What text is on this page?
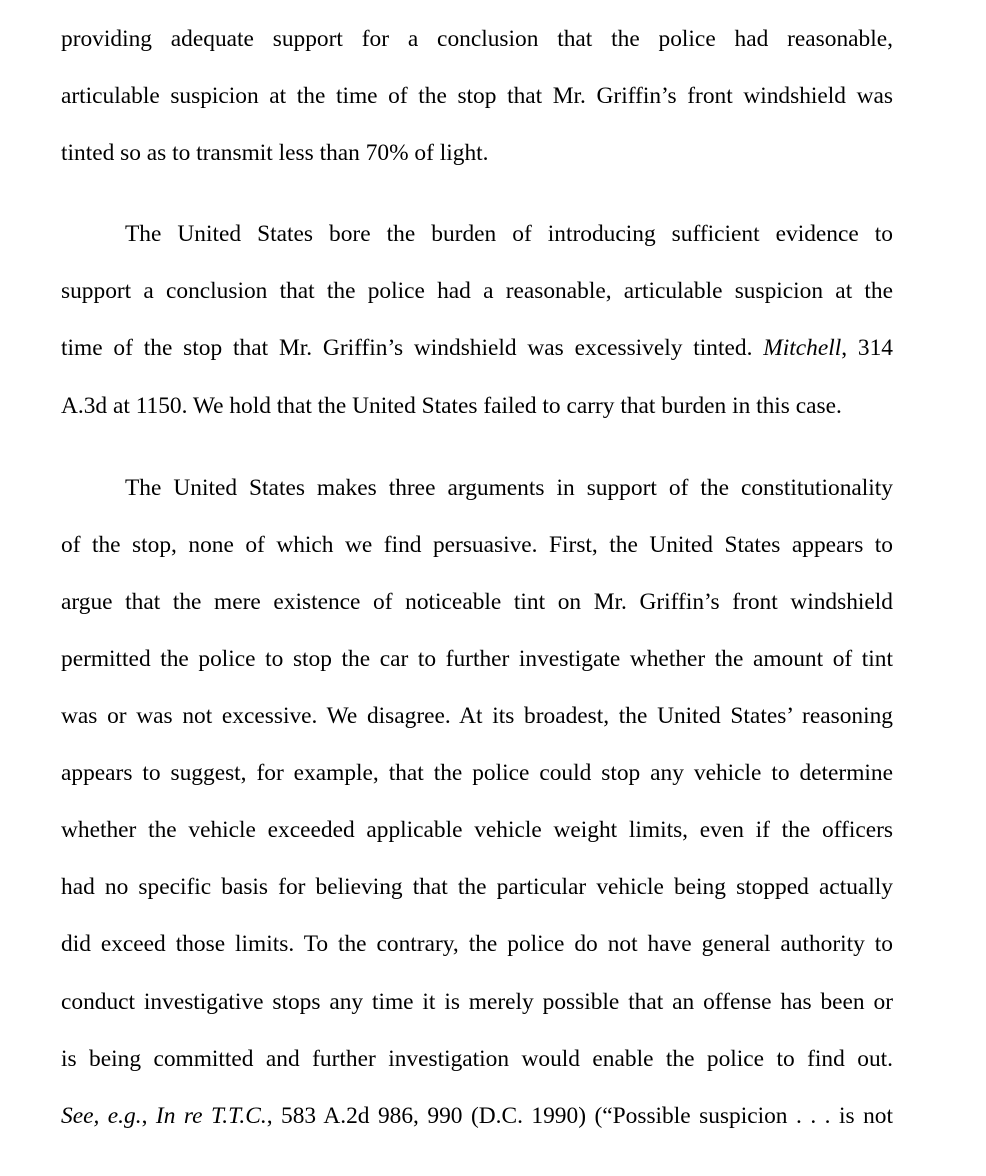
providing adequate support for a conclusion that the police had reasonable,
articulable suspicion at the time of the stop that Mr. Griffin’s front windshield was
tinted so as to transmit less than 70% of light.
The United States bore the burden of introducing sufficient evidence to
support a conclusion that the police had a reasonable, articulable suspicion at the
time of the stop that Mr. Griffin’s windshield was excessively tinted. Mitchell, 314
A.3d at 1150. We hold that the United States failed to carry that burden in this case.
The United States makes three arguments in support of the constitutionality
of the stop, none of which we find persuasive. First, the United States appears to
argue that the mere existence of noticeable tint on Mr. Griffin’s front windshield
permitted the police to stop the car to further investigate whether the amount of tint
was or was not excessive. We disagree. At its broadest, the United States’ reasoning
appears to suggest, for example, that the police could stop any vehicle to determine
whether the vehicle exceeded applicable vehicle weight limits, even if the officers
had no specific basis for believing that the particular vehicle being stopped actually
did exceed those limits. To the contrary, the police do not have general authority to
conduct investigative stops any time it is merely possible that an offense has been or
is being committed and further investigation would enable the police to find out.
See, e.g., In re T.T.C., 583 A.2d 986, 990 (D.C. 1990) (“Possible suspicion . . . is not
